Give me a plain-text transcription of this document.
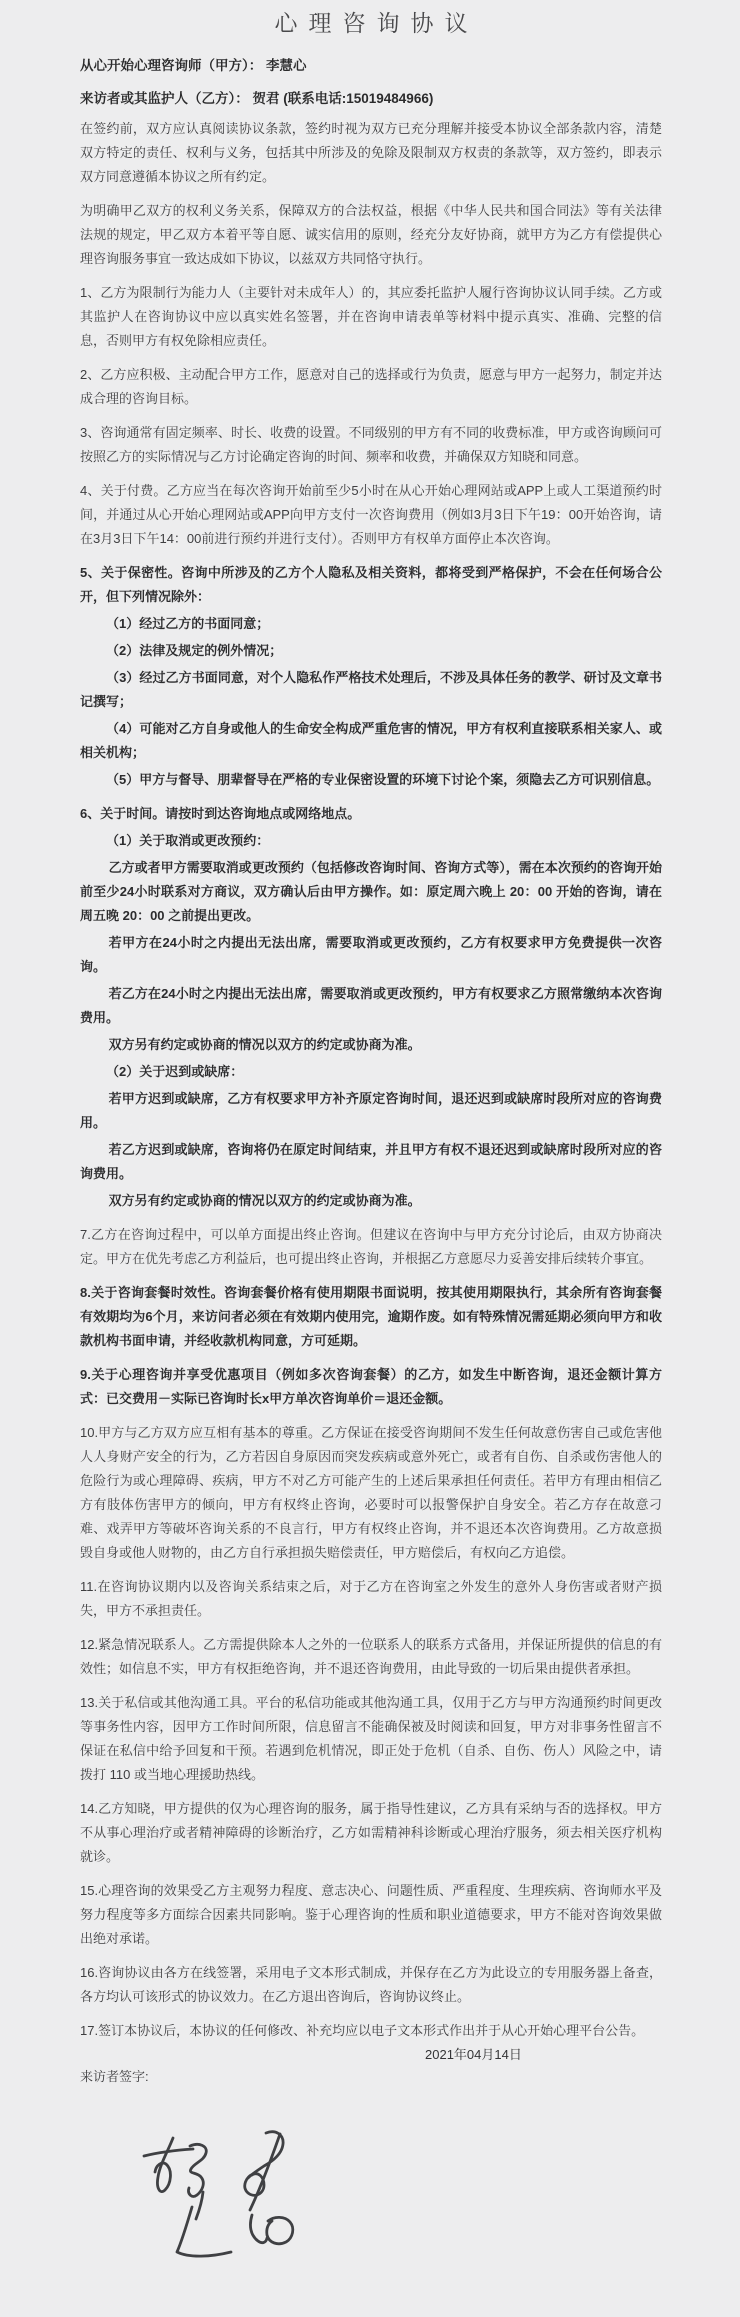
心理咨询协议

从心开始心理咨询师（甲方）： 李慧心

来访者或其监护人（乙方）： 贺君 (联系电话:15019484966)

在签约前，双方应认真阅读协议条款，签约时视为双方已充分理解并接受本协议全部条款内容，清楚双方特定的责任、权利与义务，包括其中所涉及的免除及限制双方权责的条款等，双方签约，即表示双方同意遵循本协议之所有约定。

为明确甲乙双方的权利义务关系，保障双方的合法权益，根据《中华人民共和国合同法》等有关法律法规的规定，甲乙双方本着平等自愿、诚实信用的原则，经充分友好协商，就甲方为乙方有偿提供心理咨询服务事宜一致达成如下协议，以兹双方共同恪守执行。

1、乙方为限制行为能力人（主要针对未成年人）的，其应委托监护人履行咨询协议认同手续。乙方或其监护人在咨询协议中应以真实姓名签署，并在咨询申请表单等材料中提示真实、准确、完整的信息，否则甲方有权免除相应责任。

2、乙方应积极、主动配合甲方工作，愿意对自己的选择或行为负责，愿意与甲方一起努力，制定并达成合理的咨询目标。

3、咨询通常有固定频率、时长、收费的设置。不同级别的甲方有不同的收费标准，甲方或咨询顾问可按照乙方的实际情况与乙方讨论确定咨询的时间、频率和收费，并确保双方知晓和同意。

4、关于付费。乙方应当在每次咨询开始前至少5小时在从心开始心理网站或APP上或人工渠道预约时间，并通过从心开始心理网站或APP向甲方支付一次咨询费用（例如3月3日下午19：00开始咨询，请在3月3日下午14：00前进行预约并进行支付）。否则甲方有权单方面停止本次咨询。

5、关于保密性。咨询中所涉及的乙方个人隐私及相关资料，都将受到严格保护，不会在任何场合公开，但下列情况除外：

（1）经过乙方的书面同意；

（2）法律及规定的例外情况；

（3）经过乙方书面同意，对个人隐私作严格技术处理后，不涉及具体任务的教学、研讨及文章书记撰写；

（4）可能对乙方自身或他人的生命安全构成严重危害的情况，甲方有权利直接联系相关家人、或相关机构；

（5）甲方与督导、朋辈督导在严格的专业保密设置的环境下讨论个案，须隐去乙方可识别信息。

6、关于时间。请按时到达咨询地点或网络地点。

（1）关于取消或更改预约：

乙方或者甲方需要取消或更改预约（包括修改咨询时间、咨询方式等），需在本次预约的咨询开始前至少24小时联系对方商议，双方确认后由甲方操作。如：原定周六晚上 20：00 开始的咨询，请在周五晚 20：00 之前提出更改。

若甲方在24小时之内提出无法出席，需要取消或更改预约，乙方有权要求甲方免费提供一次咨询。

若乙方在24小时之内提出无法出席，需要取消或更改预约，甲方有权要求乙方照常缴纳本次咨询费用。

双方另有约定或协商的情况以双方的约定或协商为准。

（2）关于迟到或缺席：

若甲方迟到或缺席，乙方有权要求甲方补齐原定咨询时间，退还迟到或缺席时段所对应的咨询费用。

若乙方迟到或缺席，咨询将仍在原定时间结束，并且甲方有权不退还迟到或缺席时段所对应的咨询费用。

双方另有约定或协商的情况以双方的约定或协商为准。

7.乙方在咨询过程中，可以单方面提出终止咨询。但建议在咨询中与甲方充分讨论后，由双方协商决定。甲方在优先考虑乙方利益后，也可提出终止咨询，并根据乙方意愿尽力妥善安排后续转介事宜。

8.关于咨询套餐时效性。咨询套餐价格有使用期限书面说明，按其使用期限执行，其余所有咨询套餐有效期均为6个月，来访问者必须在有效期内使用完，逾期作废。如有特殊情况需延期必须向甲方和收款机构书面申请，并经收款机构同意，方可延期。

9.关于心理咨询并享受优惠项目（例如多次咨询套餐）的乙方，如发生中断咨询，退还金额计算方式：已交费用－实际已咨询时长x甲方单次咨询单价＝退还金额。

10.甲方与乙方双方应互相有基本的尊重。乙方保证在接受咨询期间不发生任何故意伤害自己或危害他人人身财产安全的行为，乙方若因自身原因而突发疾病或意外死亡，或者有自伤、自杀或伤害他人的危险行为或心理障碍、疾病，甲方不对乙方可能产生的上述后果承担任何责任。若甲方有理由相信乙方有肢体伤害甲方的倾向，甲方有权终止咨询，必要时可以报警保护自身安全。若乙方存在故意刁难、戏弄甲方等破坏咨询关系的不良言行，甲方有权终止咨询，并不退还本次咨询费用。乙方故意损毁自身或他人财物的，由乙方自行承担损失赔偿责任，甲方赔偿后，有权向乙方追偿。

11.在咨询协议期内以及咨询关系结束之后，对于乙方在咨询室之外发生的意外人身伤害或者财产损失，甲方不承担责任。

12.紧急情况联系人。乙方需提供除本人之外的一位联系人的联系方式备用，并保证所提供的信息的有效性；如信息不实，甲方有权拒绝咨询，并不退还咨询费用，由此导致的一切后果由提供者承担。

13.关于私信或其他沟通工具。平台的私信功能或其他沟通工具，仅用于乙方与甲方沟通预约时间更改等事务性内容，因甲方工作时间所限，信息留言不能确保被及时阅读和回复，甲方对非事务性留言不保证在私信中给予回复和干预。若遇到危机情况，即正处于危机（自杀、自伤、伤人）风险之中，请拨打 110 或当地心理援助热线。

14.乙方知晓，甲方提供的仅为心理咨询的服务，属于指导性建议，乙方具有采纳与否的选择权。甲方不从事心理治疗或者精神障碍的诊断治疗，乙方如需精神科诊断或心理治疗服务，须去相关医疗机构就诊。

15.心理咨询的效果受乙方主观努力程度、意志决心、问题性质、严重程度、生理疾病、咨询师水平及努力程度等多方面综合因素共同影响。鉴于心理咨询的性质和职业道德要求，甲方不能对咨询效果做出绝对承诺。

16.咨询协议由各方在线签署，采用电子文本形式制成，并保存在乙方为此设立的专用服务器上备查，各方均认可该形式的协议效力。在乙方退出咨询后，咨询协议终止。

17.签订本协议后，本协议的任何修改、补充均应以电子文本形式作出并于从心开始心理平台公告。

来访者签字:

2021年04月14日
